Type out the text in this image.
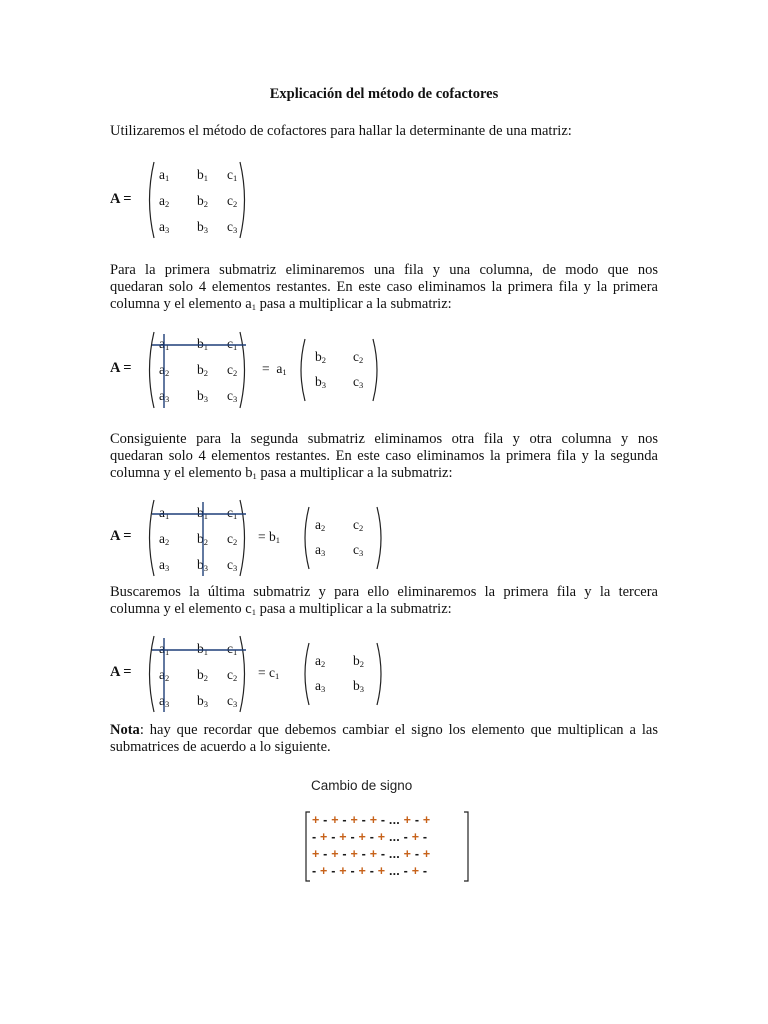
Explicación del método de cofactores
Utilizaremos el método de cofactores para hallar la determinante de una matriz:
A =
$a_1$ $b_1$ $c_1$
$a_2$ $b_2$ $c_2$
$a_3$ $b_3$ $c_3$
Para la primera submatriz eliminaremos una fila y una columna, de modo que nos
quedaran solo 4 elementos restantes. En este caso eliminamos la primera fila y la primera
columna y el elemento a1 pasa a multiplicar a la submatriz:
A =
$a_1$ $b_1$ $c_1$
$a_2$ $b_2$ $c_2$
$a_3$ $b_3$ $c_3$
= $a_1$
$b_2$ $c_2$
$b_3$ $c_3$
Consiguiente para la segunda submatriz eliminamos otra fila y otra columna y nos
quedaran solo 4 elementos restantes. En este caso eliminamos la primera fila y la segunda
columna y el elemento b1 pasa a multiplicar a la submatriz:
A =
$a_1$ $b_1$ $c_1$
$a_2$ $b_2$ $c_2$
$a_3$ $b_3$ $c_3$
= $b_1$
$a_2$ $c_2$
$a_3$ $c_3$
Buscaremos la última submatriz y para ello eliminaremos la primera fila y la tercera
columna y el elemento c1 pasa a multiplicar a la submatriz:
A =
$a_1$ $b_1$ $c_1$
$a_2$ $b_2$ $c_2$
$a_3$ $b_3$ $c_3$
= $c_1$
$a_2$ $b_2$
$a_3$ $b_3$
Nota: hay que recordar que debemos cambiar el signo los elemento que multiplican a las
submatrices de acuerdo a lo siguiente.
Cambio de signo
+ - + - + - + - ... + - +
- + - + - + - + ... - + -
+ - + - + - + - ... + - +
- + - + - + - + ... - + -
